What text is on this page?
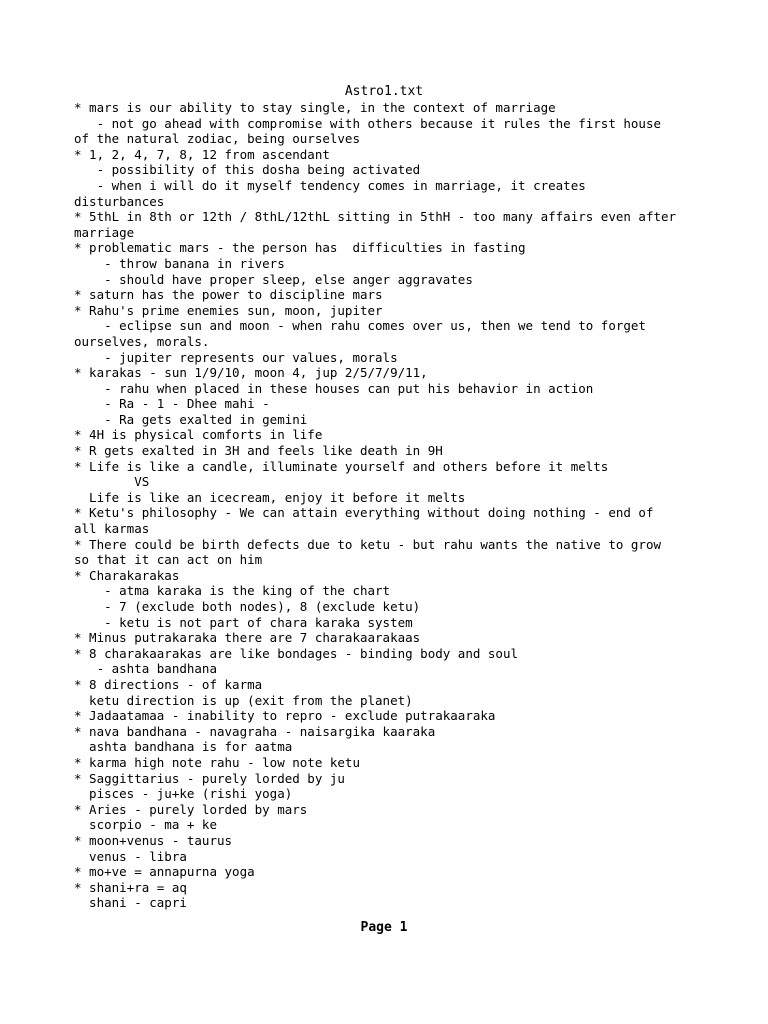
Astro1.txt
* mars is our ability to stay single, in the context of marriage
- not go ahead with compromise with others because it rules the first house
of the natural zodiac, being ourselves
* 1, 2, 4, 7, 8, 12 from ascendant
- possibility of this dosha being activated
- when i will do it myself tendency comes in marriage, it creates
disturbances
* 5thL in 8th or 12th / 8thL/12thL sitting in 5thH - too many affairs even after
marriage
* problematic mars - the person has  difficulties in fasting
- throw banana in rivers
- should have proper sleep, else anger aggravates
* saturn has the power to discipline mars
* Rahu's prime enemies sun, moon, jupiter
- eclipse sun and moon - when rahu comes over us, then we tend to forget
ourselves, morals.
- jupiter represents our values, morals
* karakas - sun 1/9/10, moon 4, jup 2/5/7/9/11,
- rahu when placed in these houses can put his behavior in action
- Ra - 1 - Dhee mahi -
- Ra gets exalted in gemini
* 4H is physical comforts in life
* R gets exalted in 3H and feels like death in 9H
* Life is like a candle, illuminate yourself and others before it melts
VS
Life is like an icecream, enjoy it before it melts
* Ketu's philosophy - We can attain everything without doing nothing - end of
all karmas
* There could be birth defects due to ketu - but rahu wants the native to grow
so that it can act on him
* Charakarakas
- atma karaka is the king of the chart
- 7 (exclude both nodes), 8 (exclude ketu)
- ketu is not part of chara karaka system
* Minus putrakaraka there are 7 charakaarakaas
* 8 charakaarakas are like bondages - binding body and soul
- ashta bandhana
* 8 directions - of karma
ketu direction is up (exit from the planet)
* Jadaatamaa - inability to repro - exclude putrakaaraka
* nava bandhana - navagraha - naisargika kaaraka
ashta bandhana is for aatma
* karma high note rahu - low note ketu
* Saggittarius - purely lorded by ju
pisces - ju+ke (rishi yoga)
* Aries - purely lorded by mars
scorpio - ma + ke
* moon+venus - taurus
venus - libra
* mo+ve = annapurna yoga
* shani+ra = aq
shani - capri
Page 1
